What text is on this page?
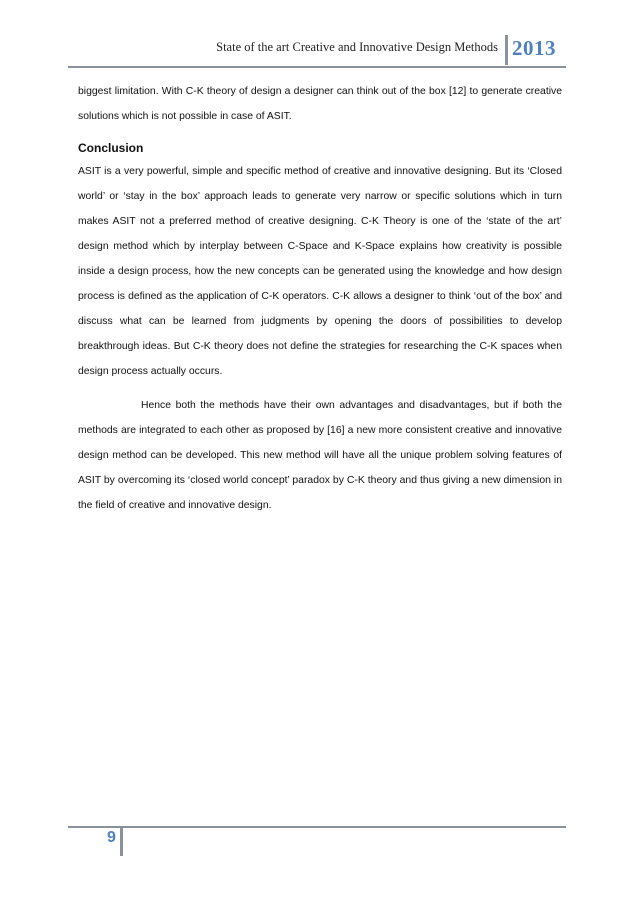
State of the art Creative and Innovative Design Methods 2013

biggest limitation. With C-K theory of design a designer can think out of the box [12] to generate creative solutions which is not possible in case of ASIT.

Conclusion

ASIT is a very powerful, simple and specific method of creative and innovative designing. But its ‘Closed world’ or ‘stay in the box’ approach leads to generate very narrow or specific solutions which in turn makes ASIT not a preferred method of creative designing. C-K Theory is one of the ‘state of the art’ design method which by interplay between C-Space and K-Space explains how creativity is possible inside a design process, how the new concepts can be generated using the knowledge and how design process is defined as the application of C-K operators. C-K allows a designer to think ‘out of the box’ and discuss what can be learned from judgments by opening the doors of possibilities to develop breakthrough ideas. But C-K theory does not define the strategies for researching the C-K spaces when design process actually occurs.

Hence both the methods have their own advantages and disadvantages, but if both the methods are integrated to each other as proposed by [16] a new more consistent creative and innovative design method can be developed. This new method will have all the unique problem solving features of ASIT by overcoming its ‘closed world concept’ paradox by C-K theory and thus giving a new dimension in the field of creative and innovative design.

9
